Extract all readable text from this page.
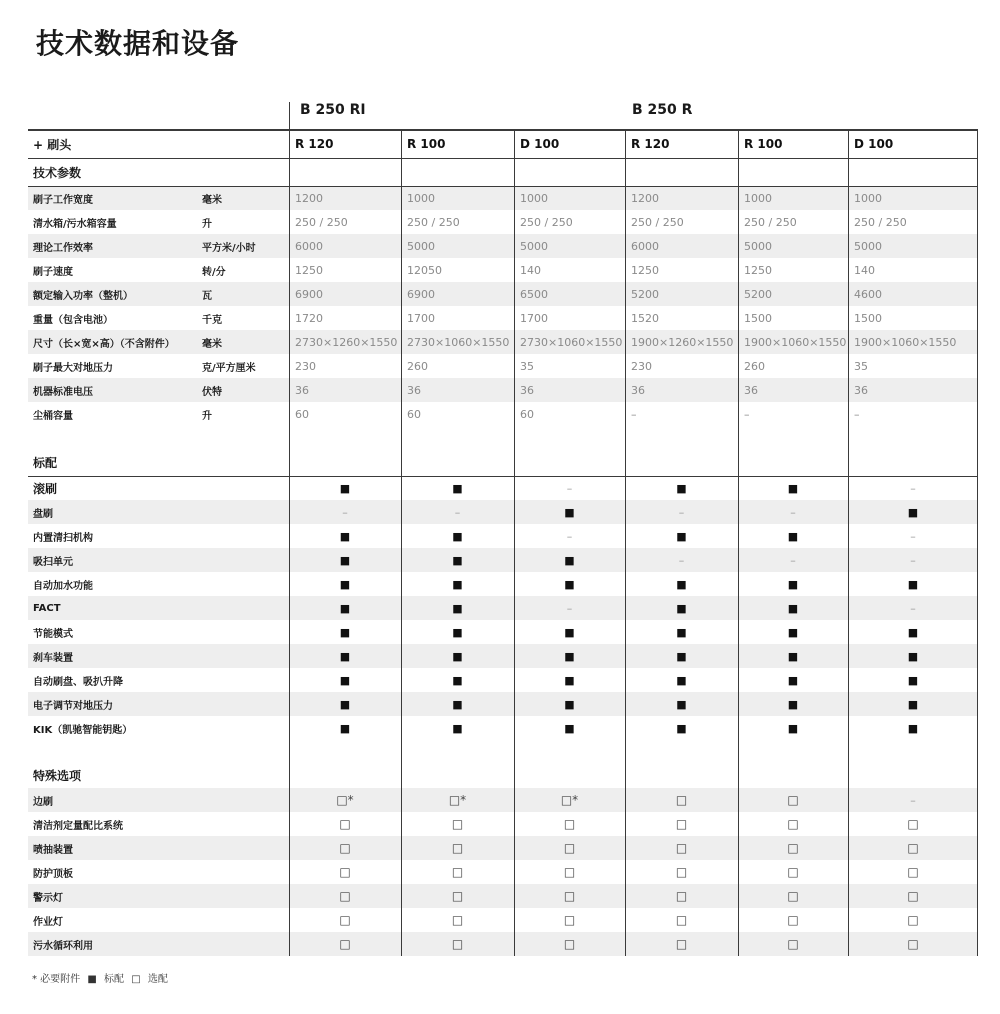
技术数据和设备
B 250 RI	B 250 R
+ 刷头	R 120	R 100	D 100	R 120	R 100	D 100
技术参数
刷子工作宽度	毫米	1200	1000	1000	1200	1000	1000
清水箱/污水箱容量	升	250 / 250	250 / 250	250 / 250	250 / 250	250 / 250	250 / 250
理论工作效率	平方米/小时	6000	5000	5000	6000	5000	5000
刷子速度	转/分	1250	12050	140	1250	1250	140
额定输入功率（整机）	瓦	6900	6900	6500	5200	5200	4600
重量（包含电池）	千克	1720	1700	1700	1520	1500	1500
尺寸（长×宽×高）（不含附件）	毫米	2730×1260×1550 2730×1060×1550 2730×1060×1550 1900×1260×1550 1900×1060×1550 1900×1060×1550
刷子最大对地压力	克/平方厘米	230	260	35	230	260	35
机器标准电压	伏特	36	36	36	36	36	36
尘桶容量	升	60	60	60	–	–	–
标配
滚刷	■	■	–	■	■	–
盘刷	–	–	■	–	–	■
内置清扫机构	■	■	–	■	■	–
吸扫单元	■	■	■	–	–	–
自动加水功能	■	■	■	■	■	■
FACT	■	■	–	■	■	–
节能模式	■	■	■	■	■	■
刹车装置	■	■	■	■	■	■
自动刷盘、吸扒升降	■	■	■	■	■	■
电子调节对地压力	■	■	■	■	■	■
KIK（凯驰智能钥匙）	■	■	■	■	■	■
特殊选项
边刷	□*	□*	□*	□	□	–
清洁剂定量配比系统	□	□	□	□	□	□
喷抽装置	□	□	□	□	□	□
防护顶板	□	□	□	□	□	□
警示灯	□	□	□	□	□	□
作业灯	□	□	□	□	□	□
污水循环利用	□	□	□	□	□	□
* 必要附件 ■ 标配 □ 选配
